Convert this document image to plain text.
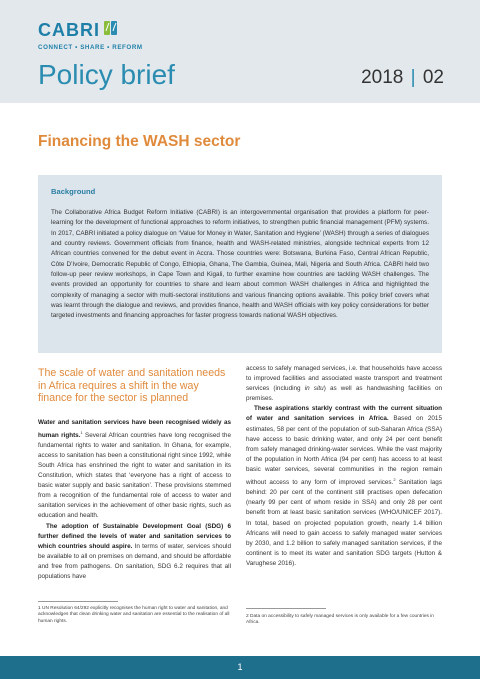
CABRI
CONNECT • SHARE • REFORM
Policy brief	2018 | 02
Financing the WASH sector
Background

The Collaborative Africa Budget Reform Initiative (CABRI) is an intergovernmental organisation that provides a platform for peer-learning for the development of functional approaches to reform initiatives, to strengthen public financial management (PFM) systems. In 2017, CABRI initiated a policy dialogue on ‘Value for Money in Water, Sanitation and Hygiene’ (WASH) through a series of dialogues and country reviews. Government officials from finance, health and WASH-related ministries, alongside technical experts from 12 African countries convened for the debut event in Accra. Those countries were: Botswana, Burkina Faso, Central African Republic, Côte D’Ivoire, Democratic Republic of Congo, Ethiopia, Ghana, The Gambia, Guinea, Mali, Nigeria and South Africa. CABRI held two follow-up peer review workshops, in Cape Town and Kigali, to further examine how countries are tackling WASH challenges. The events provided an opportunity for countries to share and learn about common WASH challenges in Africa and highlighted the complexity of managing a sector with multi-sectoral institutions and various financing options available. This policy brief covers what was learnt through the dialogue and reviews, and provides finance, health and WASH officials with key policy considerations for better targeted investments and financing approaches for faster progress towards national WASH objectives.

The scale of water and sanitation needs in Africa requires a shift in the way finance for the sector is planned

Water and sanitation services have been recognised widely as human rights.$^1$ Several African countries have long recognised the fundamental rights to water and sanitation. In Ghana, for example, access to sanitation has been a constitutional right since 1992, while South Africa has enshrined the right to water and sanitation in its Constitution, which states that ‘everyone has a right of access to basic water supply and basic sanitation’. These provisions stemmed from a recognition of the fundamental role of access to water and sanitation services in the achievement of other basic rights, such as education and health.

The adoption of Sustainable Development Goal (SDG) 6 further defined the levels of water and sanitation services to which countries should aspire. In terms of water, services should be available to all on premises on demand, and should be affordable and free from pathogens. On sanitation, SDG 6.2 requires that all populations have

access to safely managed services, i.e. that households have access to improved facilities and associated waste transport and treatment services (including in situ) as well as handwashing facilities on premises.

These aspirations starkly contrast with the current situation of water and sanitation services in Africa. Based on 2015 estimates, 58 per cent of the population of sub-Saharan Africa (SSA) have access to basic drinking water, and only 24 per cent benefit from safely managed drinking-water services. While the vast majority of the population in North Africa (94 per cent) has access to at least basic water services, several communities in the region remain without access to any form of improved services.$^2$ Sanitation lags behind: 20 per cent of the continent still practises open defecation (nearly 99 per cent of whom reside in SSA) and only 28 per cent benefit from at least basic sanitation services (WHO/UNICEF 2017). In total, based on projected population growth, nearly 1.4 billion Africans will need to gain access to safely managed water services by 2030, and 1.2 billion to safely managed sanitation services, if the continent is to meet its water and sanitation SDG targets (Hutton & Varughese 2016).

1 UN Resolution 64/292 explicitly recognises the human right to water and sanitation, and acknowledges that clean drinking water and sanitation are essential to the realisation of all human rights.
2 Data on accessibility to safely managed services is only available for a few countries in Africa.
1
